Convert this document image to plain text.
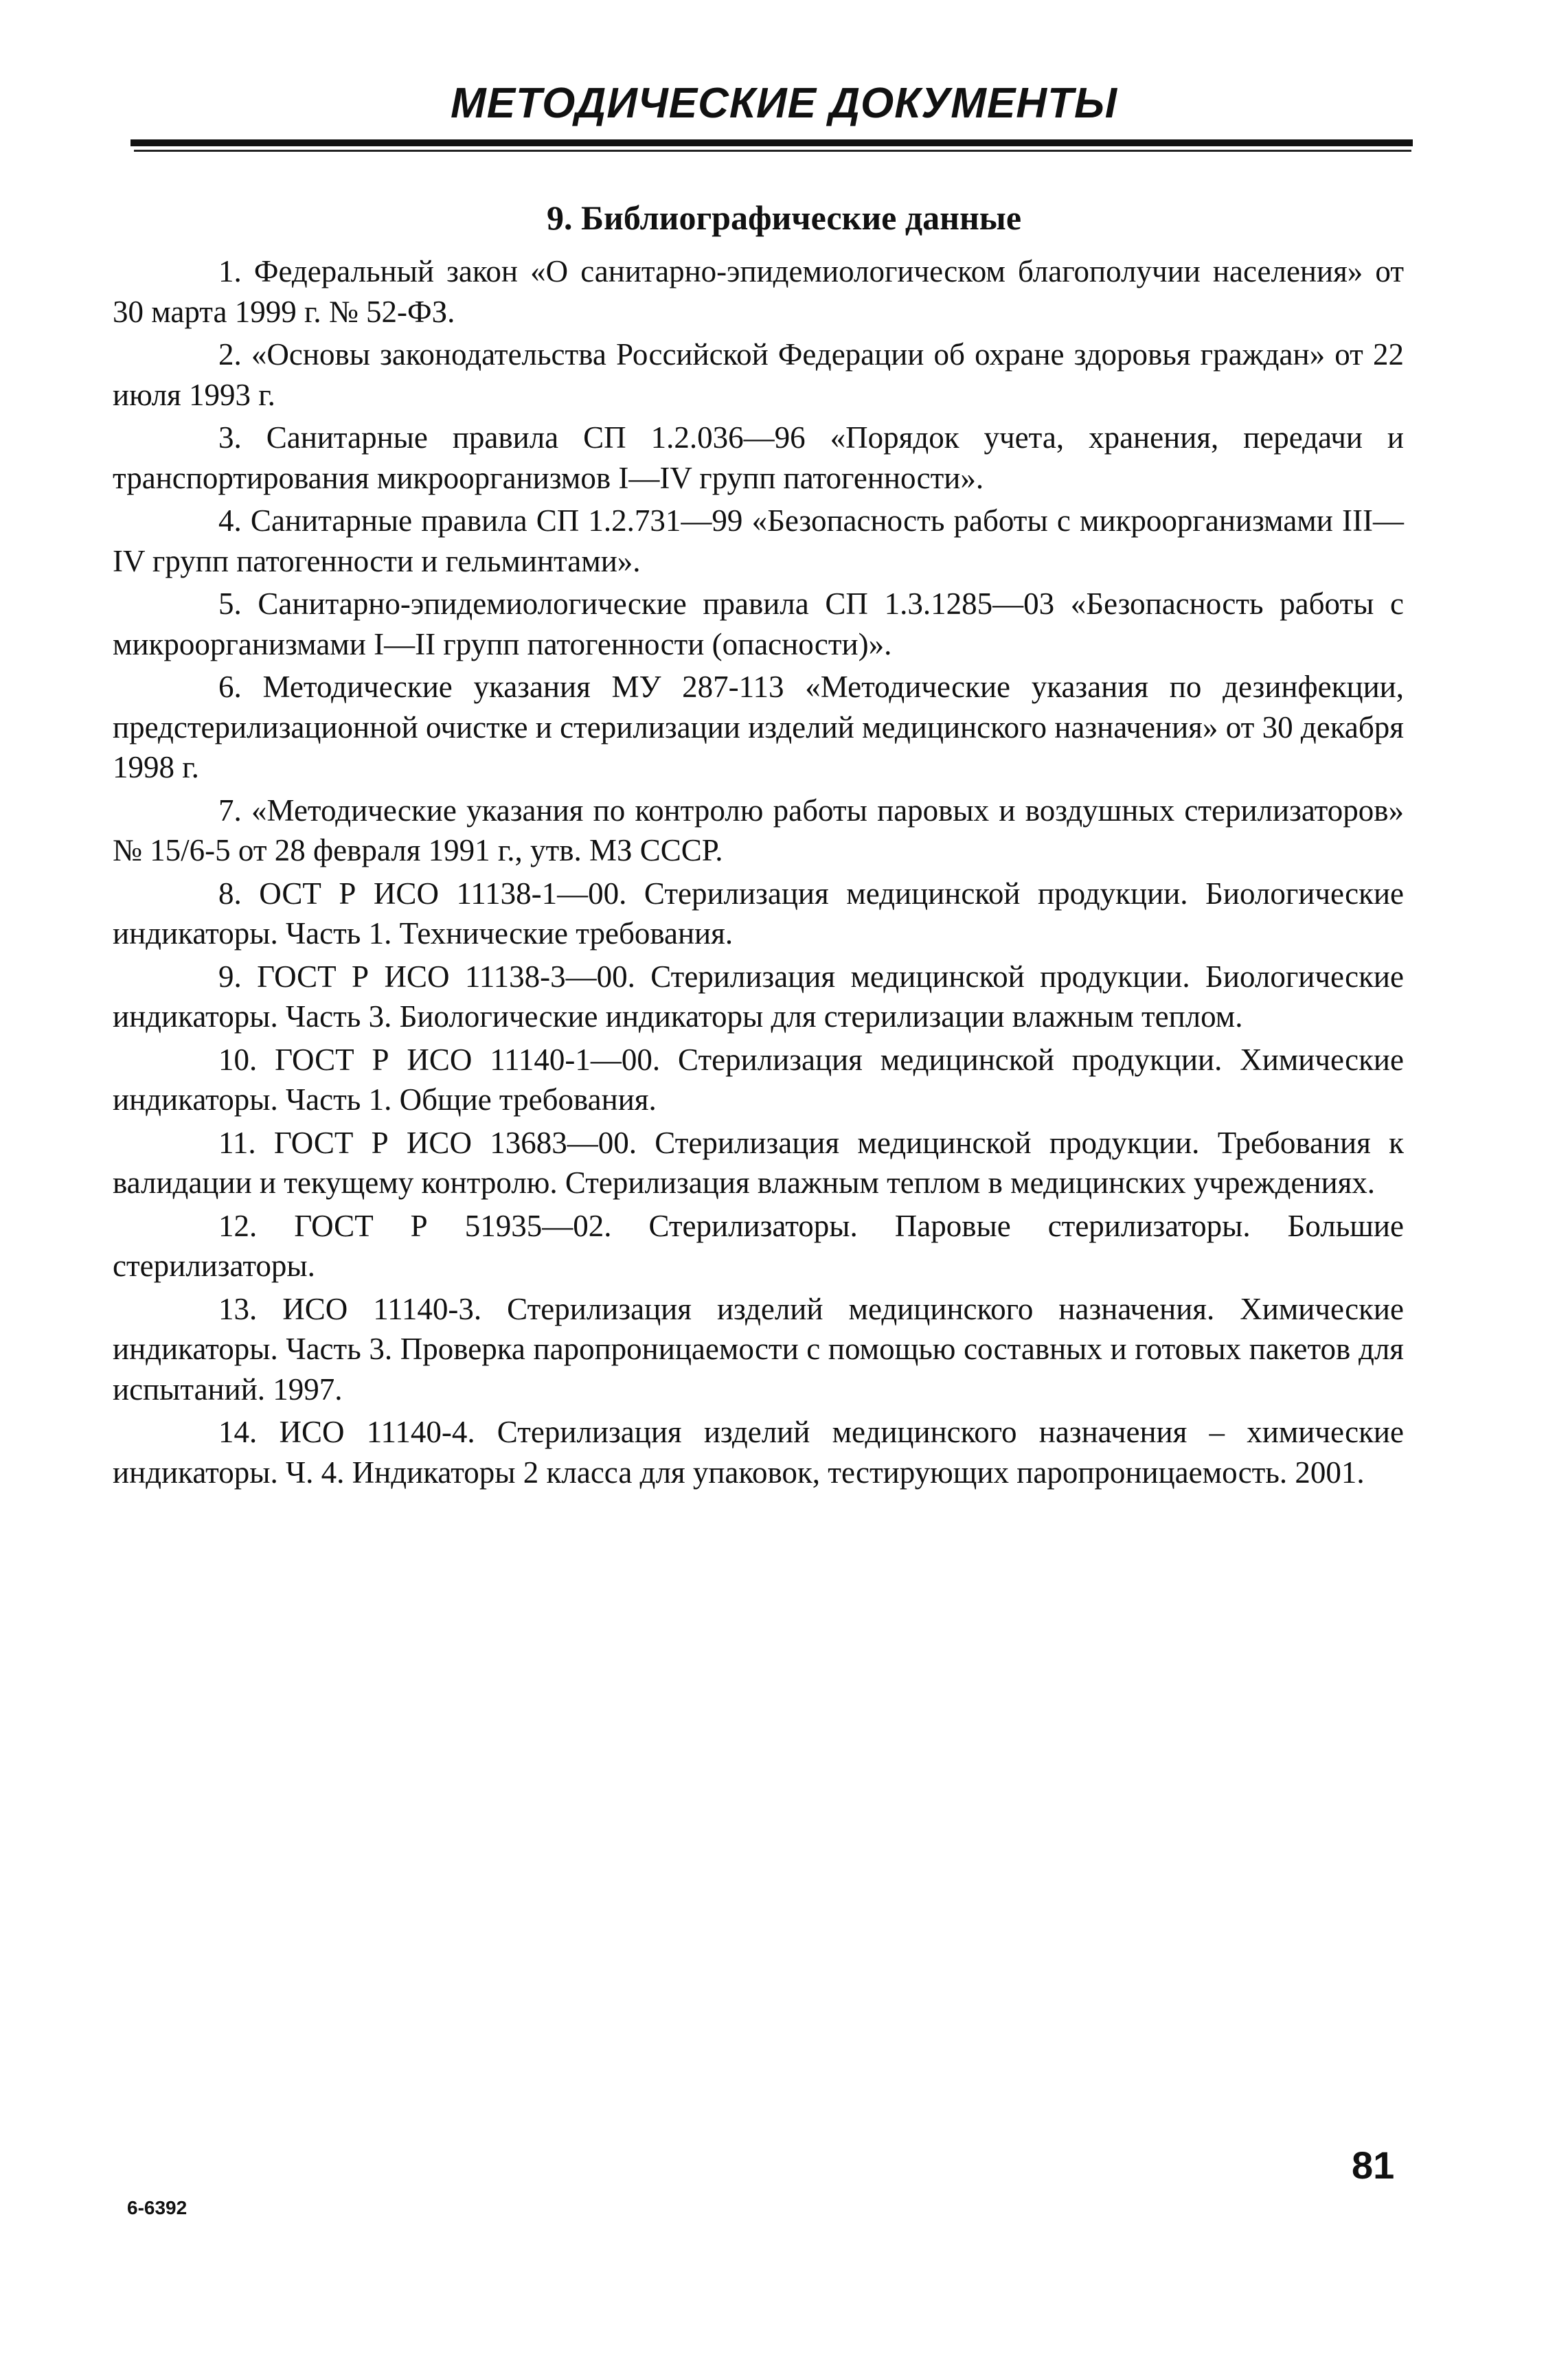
МЕТОДИЧЕСКИЕ ДОКУМЕНТЫ
9. Библиографические данные
1. Федеральный закон «О санитарно-эпидемиологическом благополучии населения» от 30 марта 1999 г. № 52-ФЗ.
2. «Основы законодательства Российской Федерации об охране здоровья граждан» от 22 июля 1993 г.
3. Санитарные правила СП 1.2.036—96 «Порядок учета, хранения, передачи и транспортирования микроорганизмов I—IV групп патогенности».
4. Санитарные правила СП 1.2.731—99 «Безопасность работы с микроорганизмами III—IV групп патогенности и гельминтами».
5. Санитарно-эпидемиологические правила СП 1.3.1285—03 «Безопасность работы с микроорганизмами I—II групп патогенности (опасности)».
6. Методические указания МУ 287-113 «Методические указания по дезинфекции, предстерилизационной очистке и стерилизации изделий медицинского назначения» от 30 декабря 1998 г.
7. «Методические указания по контролю работы паровых и воздушных стерилизаторов» № 15/6-5 от 28 февраля 1991 г., утв. МЗ СССР.
8. ОСТ Р ИСО 11138-1—00. Стерилизация медицинской продукции. Биологические индикаторы. Часть 1. Технические требования.
9. ГОСТ Р ИСО 11138-3—00. Стерилизация медицинской продукции. Биологические индикаторы. Часть 3. Биологические индикаторы для стерилизации влажным теплом.
10. ГОСТ Р ИСО 11140-1—00. Стерилизация медицинской продукции. Химические индикаторы. Часть 1. Общие требования.
11. ГОСТ Р ИСО 13683—00. Стерилизация медицинской продукции. Требования к валидации и текущему контролю. Стерилизация влажным теплом в медицинских учреждениях.
12. ГОСТ Р 51935—02. Стерилизаторы. Паровые стерилизаторы. Большие стерилизаторы.
13. ИСО 11140-3. Стерилизация изделий медицинского назначения. Химические индикаторы. Часть 3. Проверка паропроницаемости с помощью составных и готовых пакетов для испытаний. 1997.
14. ИСО 11140-4. Стерилизация изделий медицинского назначения – химические индикаторы. Ч. 4. Индикаторы 2 класса для упаковок, тестирующих паропроницаемость. 2001.
81
6-6392
